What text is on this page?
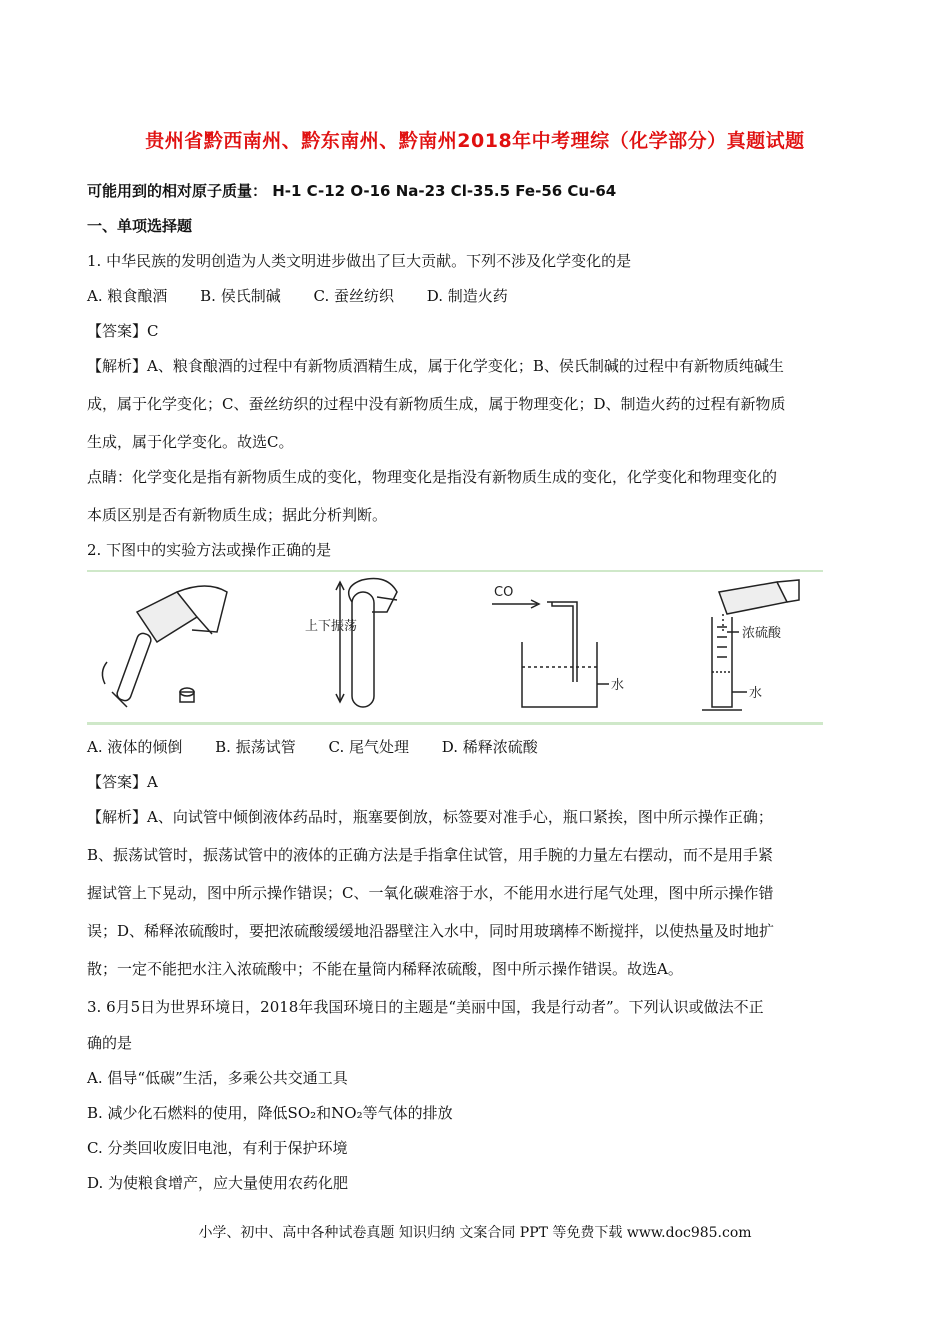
贵州省黔西南州、黔东南州、黔南州2018年中考理综（化学部分）真题试题
可能用到的相对原子质量： H-1 C-12 O-16 Na-23 Cl-35.5 Fe-56 Cu-64
一、单项选择题
1. 中华民族的发明创造为人类文明进步做出了巨大贡献。下列不涉及化学变化的是
A. 粮食酿酒 B. 侯氏制碱 C. 蚕丝纺织 D. 制造火药
【答案】C
【解析】A、粮食酿酒的过程中有新物质酒精生成，属于化学变化；B、侯氏制碱的过程中有新物质纯碱生
成，属于化学变化；C、蚕丝纺织的过程中没有新物质生成，属于物理变化；D、制造火药的过程有新物质
生成，属于化学变化。故选C。
点睛：化学变化是指有新物质生成的变化，物理变化是指没有新物质生成的变化，化学变化和物理变化的
本质区别是否有新物质生成；据此分析判断。
2. 下图中的实验方法或操作正确的是
上下振荡
CO
水
浓硫酸
水
A. 液体的倾倒 B. 振荡试管 C. 尾气处理 D. 稀释浓硫酸
【答案】A
【解析】A、向试管中倾倒液体药品时，瓶塞要倒放，标签要对准手心，瓶口紧挨，图中所示操作正确；
B、振荡试管时，振荡试管中的液体的正确方法是手指拿住试管，用手腕的力量左右摆动，而不是用手紧
握试管上下晃动，图中所示操作错误；C、一氧化碳难溶于水，不能用水进行尾气处理，图中所示操作错
误；D、稀释浓硫酸时，要把浓硫酸缓缓地沿器壁注入水中，同时用玻璃棒不断搅拌，以使热量及时地扩
散；一定不能把水注入浓硫酸中；不能在量筒内稀释浓硫酸，图中所示操作错误。故选A。
3. 6月5日为世界环境日，2018年我国环境日的主题是“美丽中国，我是行动者”。下列认识或做法不正
确的是
A. 倡导“低碳”生活，多乘公共交通工具
B. 减少化石燃料的使用，降低SO₂和NO₂等气体的排放
C. 分类回收废旧电池，有利于保护环境
D. 为使粮食增产，应大量使用农药化肥
小学、初中、高中各种试卷真题 知识归纳 文案合同 PPT 等免费下载 www.doc985.com
